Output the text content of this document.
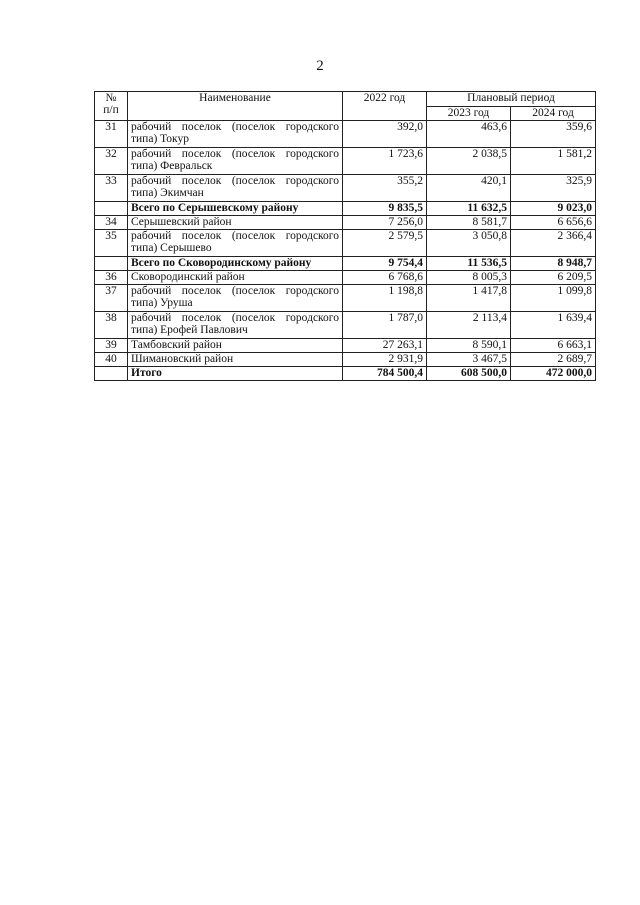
2
№
п/п	Наименование	2022 год	Плановый период	
			2023 год	2024 год
31	рабочий поселок (поселок городского типа) Токур	392,0	463,6	359,6
32	рабочий поселок (поселок городского типа) Февральск	1 723,6	2 038,5	1 581,2
33	рабочий поселок (поселок городского типа) Экимчан	355,2	420,1	325,9
	Всего по Серышевскому району	9 835,5	11 632,5	9 023,0
34	Серышевский район	7 256,0	8 581,7	6 656,6
35	рабочий поселок (поселок городского типа) Серышево	2 579,5	3 050,8	2 366,4
	Всего по Сковородинскому району	9 754,4	11 536,5	8 948,7
36	Сковородинский район	6 768,6	8 005,3	6 209,5
37	рабочий поселок (поселок городского типа) Уруша	1 198,8	1 417,8	1 099,8
38	рабочий поселок (поселок городского типа) Ерофей Павлович	1 787,0	2 113,4	1 639,4
39	Тамбовский район	27 263,1	8 590,1	6 663,1
40	Шимановский район	2 931,9	3 467,5	2 689,7
	Итого	784 500,4	608 500,0	472 000,0
